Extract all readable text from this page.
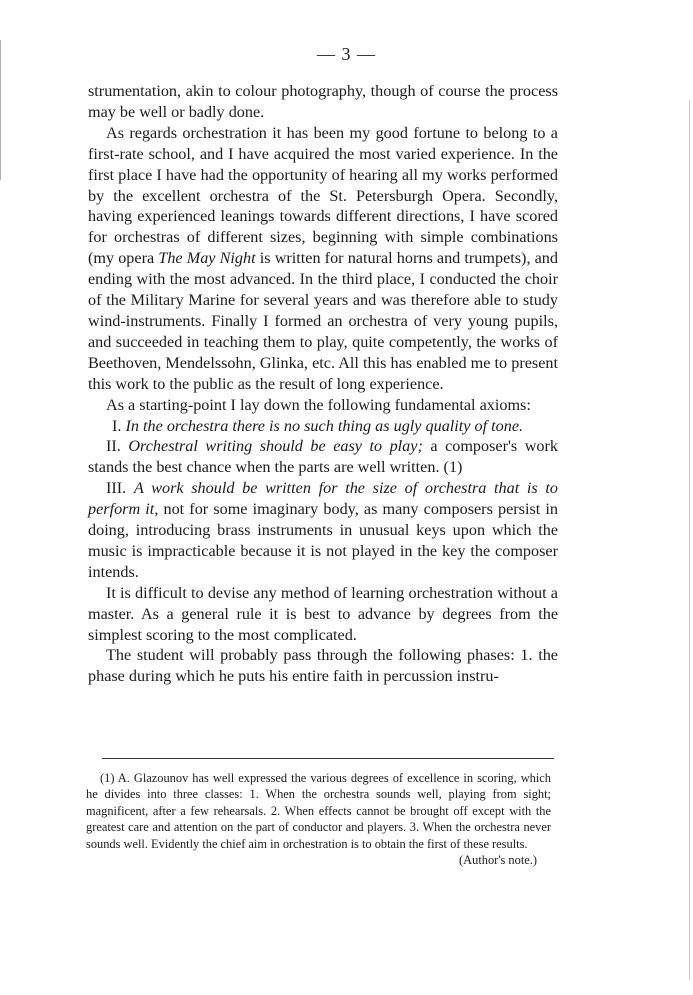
— 3 —

strumentation, akin to colour photography, though of course the process may be well or badly done.

As regards orchestration it has been my good fortune to belong to a first-rate school, and I have acquired the most varied experience. In the first place I have had the opportunity of hearing all my works performed by the excellent orchestra of the St. Petersburgh Opera. Secondly, having experienced leanings towards different directions, I have scored for orchestras of different sizes, beginning with simple combinations (my opera The May Night is written for natural horns and trumpets), and ending with the most advanced. In the third place, I conducted the choir of the Military Marine for several years and was therefore able to study wind-instruments. Finally I formed an orchestra of very young pupils, and succeeded in teaching them to play, quite competently, the works of Beethoven, Mendelssohn, Glinka, etc. All this has enabled me to present this work to the public as the result of long experience.

As a starting-point I lay down the following fundamental axioms:

I. In the orchestra there is no such thing as ugly quality of tone.

II. Orchestral writing should be easy to play; a composer's work stands the best chance when the parts are well written. (1)

III. A work should be written for the size of orchestra that is to perform it, not for some imaginary body, as many composers persist in doing, introducing brass instruments in unusual keys upon which the music is impracticable because it is not played in the key the composer intends.

It is difficult to devise any method of learning orchestration without a master. As a general rule it is best to advance by degrees from the simplest scoring to the most complicated.

The student will probably pass through the following phases: 1. the phase during which he puts his entire faith in percussion instru-

(1) A. Glazounov has well expressed the various degrees of excellence in scoring, which he divides into three classes: 1. When the orchestra sounds well, playing from sight; magnificent, after a few rehearsals. 2. When effects cannot be brought off except with the greatest care and attention on the part of conductor and players. 3. When the orchestra never sounds well. Evidently the chief aim in orchestration is to obtain the first of these results.

(Author's note.)
